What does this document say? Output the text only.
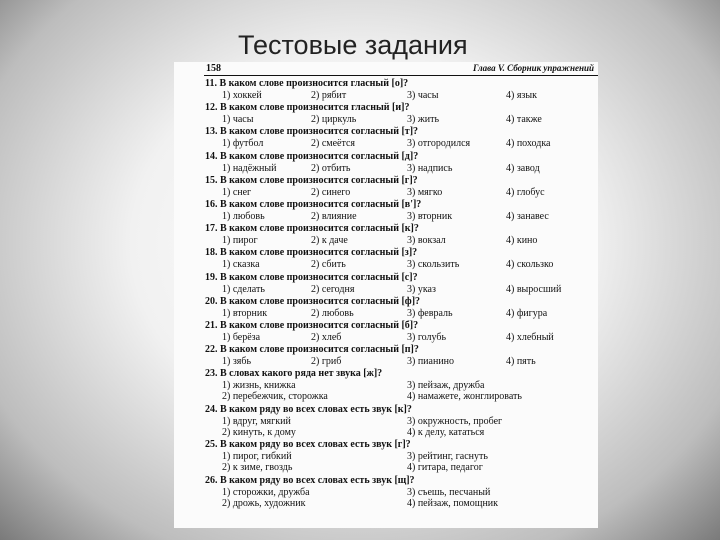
Тестовые задания
158	Глава V. Сборник упражнений
11. В каком слове произносится гласный [о]?
1) хоккей	2) рябит	3) часы	4) язык
12. В каком слове произносится гласный [и]?
1) часы	2) циркуль	3) жить	4) также
13. В каком слове произносится согласный [т]?
1) футбол	2) смеётся	3) отгородился	4) походка
14. В каком слове произносится согласный [д]?
1) надёжный	2) отбить	3) надпись	4) завод
15. В каком слове произносится согласный [г]?
1) снег	2) синего	3) мягко	4) глобус
16. В каком слове произносится согласный [в']?
1) любовь	2) влияние	3) вторник	4) занавес
17. В каком слове произносится согласный [к]?
1) пирог	2) к даче	3) вокзал	4) кино
18. В каком слове произносится согласный [з]?
1) сказка	2) сбить	3) скользить	4) скользко
19. В каком слове произносится согласный [с]?
1) сделать	2) сегодня	3) указ	4) выросший
20. В каком слове произносится согласный [ф]?
1) вторник	2) любовь	3) февраль	4) фигура
21. В каком слове произносится согласный [б]?
1) берёза	2) хлеб	3) голубь	4) хлебный
22. В каком слове произносится согласный [п]?
1) зябь	2) гриб	3) пианино	4) пять
23. В словах какого ряда нет звука [ж]?
1) жизнь, книжка	3) пейзаж, дружба
2) перебежчик, сторожка	4) намажете, жонглировать
24. В каком ряду во всех словах есть звук [к]?
1) вдруг, мягкий	3) окружность, пробег
2) кинуть, к дому	4) к делу, кататься
25. В каком ряду во всех словах есть звук [г]?
1) пирог, гибкий	3) рейтинг, гаснуть
2) к зиме, гвоздь	4) гитара, педагог
26. В каком ряду во всех словах есть звук [щ]?
1) сторожки, дружба	3) съешь, песчаный
2) дрожь, художник	4) пейзаж, помощник
